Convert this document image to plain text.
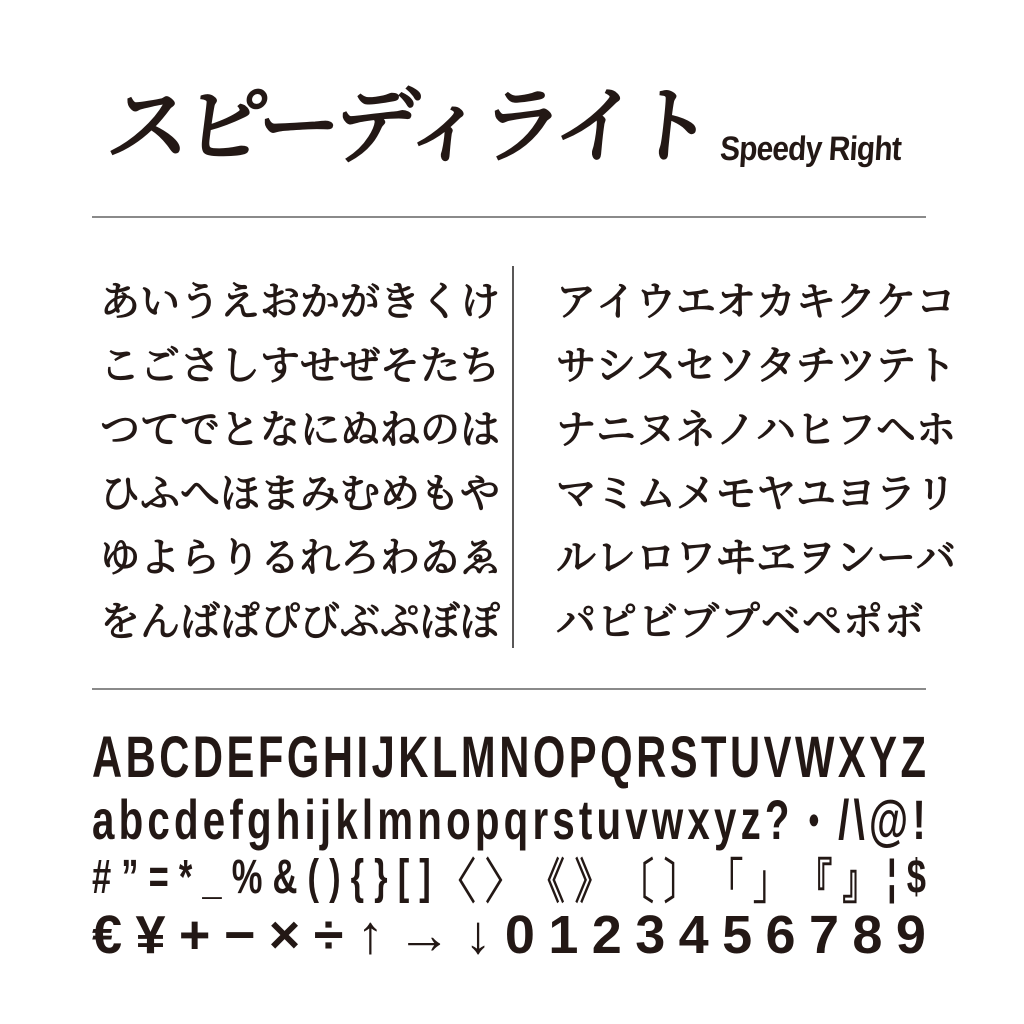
スピーディライト Speedy Right
あ い う え お か が き く け
こ ご さ し す せ ぜ そ た ち
つ て で と な に ぬ ね の は
ひ ふ へ ほ ま み む め も や
ゆ よ ら り る れ ろ わ ゐ ゑ
を ん ば ぱ ぴ び ぶ ぷ ぼ ぽ
ア イ ウ エ オ カ キ ク ケ コ
サ シ ス セ ソ タ チ ツ テ ト
ナ ニ ヌ ネ ノ ハ ヒ フ ヘ ホ
マ ミ ム メ モ ヤ ユ ヨ ラ リ
ル レ ロ ワ ヰ ヱ ヲ ン ー バ
パ ピ ビ ブ プ ベ ペ ポ ボ
A B C D E F G H I J K L M N O P Q R S T U V W X Y Z
a b c d e f g h i j k l m n o p q r s t u v w x y z ? ・ / \ @ !
# ” = * _ % & ( ) { } [ ] 〈 〉 《 》 〔 〕 「 」 『 』 ¦ $
€ ¥ + − × ÷ ↑ → ↓ 0 1 2 3 4 5 6 7 8 9
